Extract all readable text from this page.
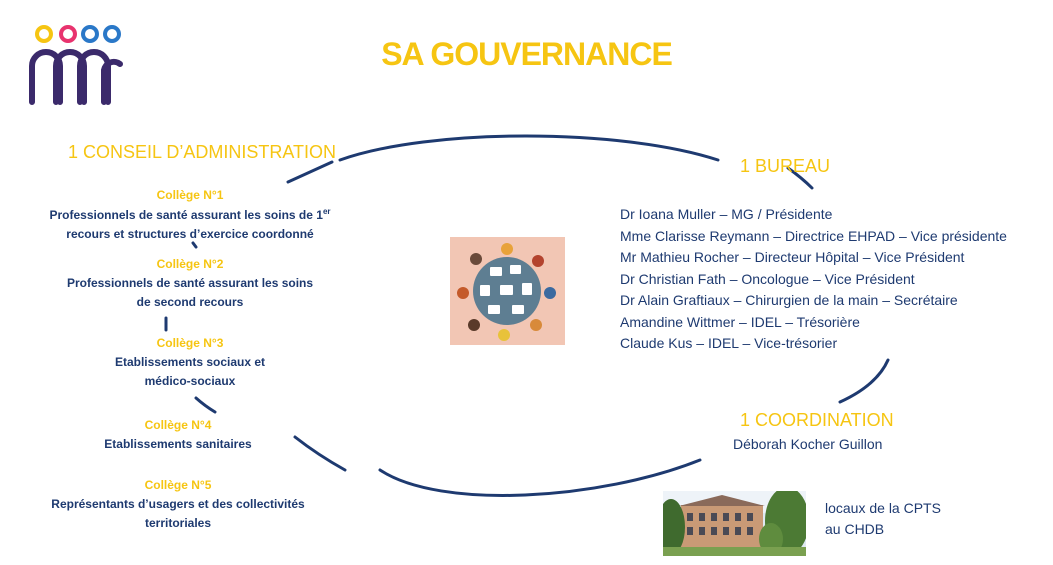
SA GOUVERNANCE
1 CONSEIL D’ADMINISTRATION
Collège N°1
Professionnels de santé assurant les soins de 1er
recours et structures d’exercice coordonné
Collège N°2
Professionnels de santé assurant les soins
de second recours
Collège N°3
Etablissements sociaux et
médico-sociaux
Collège N°4
Etablissements sanitaires
Collège N°5
Représentants d’usagers et des collectivités
territoriales
1 BUREAU
Dr Ioana Muller – MG / Présidente
Mme Clarisse Reymann – Directrice EHPAD – Vice présidente
Mr Mathieu Rocher – Directeur Hôpital – Vice Président
Dr Christian Fath – Oncologue – Vice Président
Dr Alain Graftiaux – Chirurgien de la main – Secrétaire
Amandine Wittmer – IDEL – Trésorière
Claude Kus – IDEL – Vice-trésorier
1 COORDINATION
Déborah Kocher Guillon
locaux de la CPTS
au CHDB
